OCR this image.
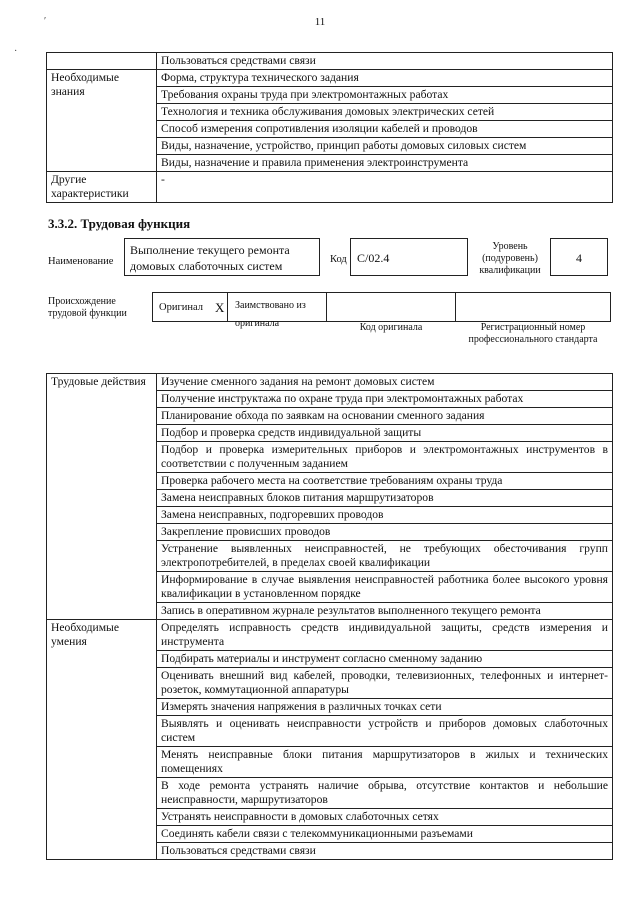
′
·
11
	Пользоваться средствами связи
Необходимые знания	Форма, структура технического задания
	Требования охраны труда при электромонтажных работах
	Технология и техника обслуживания домовых электрических сетей
	Способ измерения сопротивления изоляции кабелей и проводов
	Виды, назначение, устройство, принцип работы домовых силовых систем
	Виды, назначение и правила применения электроинструмента
Другие характеристики	-
3.3.2. Трудовая функция
Наименование
Выполнение текущего ремонта домовых слаботочных систем	Код С/02.4
Уровень (подуровень) квалификации
4
Происхождение трудовой функции
Оригинал X	Заимствовано из оригинала	Код оригинала	Регистрационный номер профессионального стандарта
Трудовые действия	Изучение сменного задания на ремонт домовых систем
	Получение инструктажа по охране труда при электромонтажных работах
	Планирование обхода по заявкам на основании сменного задания
	Подбор и проверка средств индивидуальной защиты
	Подбор и проверка измерительных приборов и электромонтажных инструментов в соответствии с полученным заданием
	Проверка рабочего места на соответствие требованиям охраны труда
	Замена неисправных блоков питания маршрутизаторов
	Замена неисправных, подгоревших проводов
	Закрепление провисших проводов
	Устранение выявленных неисправностей, не требующих обесточивания групп электропотребителей, в пределах своей квалификации
	Информирование в случае выявления неисправностей работника более высокого уровня квалификации в установленном порядке
	Запись в оперативном журнале результатов выполненного текущего ремонта
Необходимые умения	Определять исправность средств индивидуальной защиты, средств измерения и инструмента
	Подбирать материалы и инструмент согласно сменному заданию
	Оценивать внешний вид кабелей, проводки, телевизионных, телефонных и интернет-розеток, коммутационной аппаратуры
	Измерять значения напряжения в различных точках сети
	Выявлять и оценивать неисправности устройств и приборов домовых слаботочных систем
	Менять неисправные блоки питания маршрутизаторов в жилых и технических помещениях
	В ходе ремонта устранять наличие обрыва, отсутствие контактов и небольшие неисправности, маршрутизаторов
	Устранять неисправности в домовых слаботочных сетях
	Соединять кабели связи с телекоммуникационными разъемами
	Пользоваться средствами связи
